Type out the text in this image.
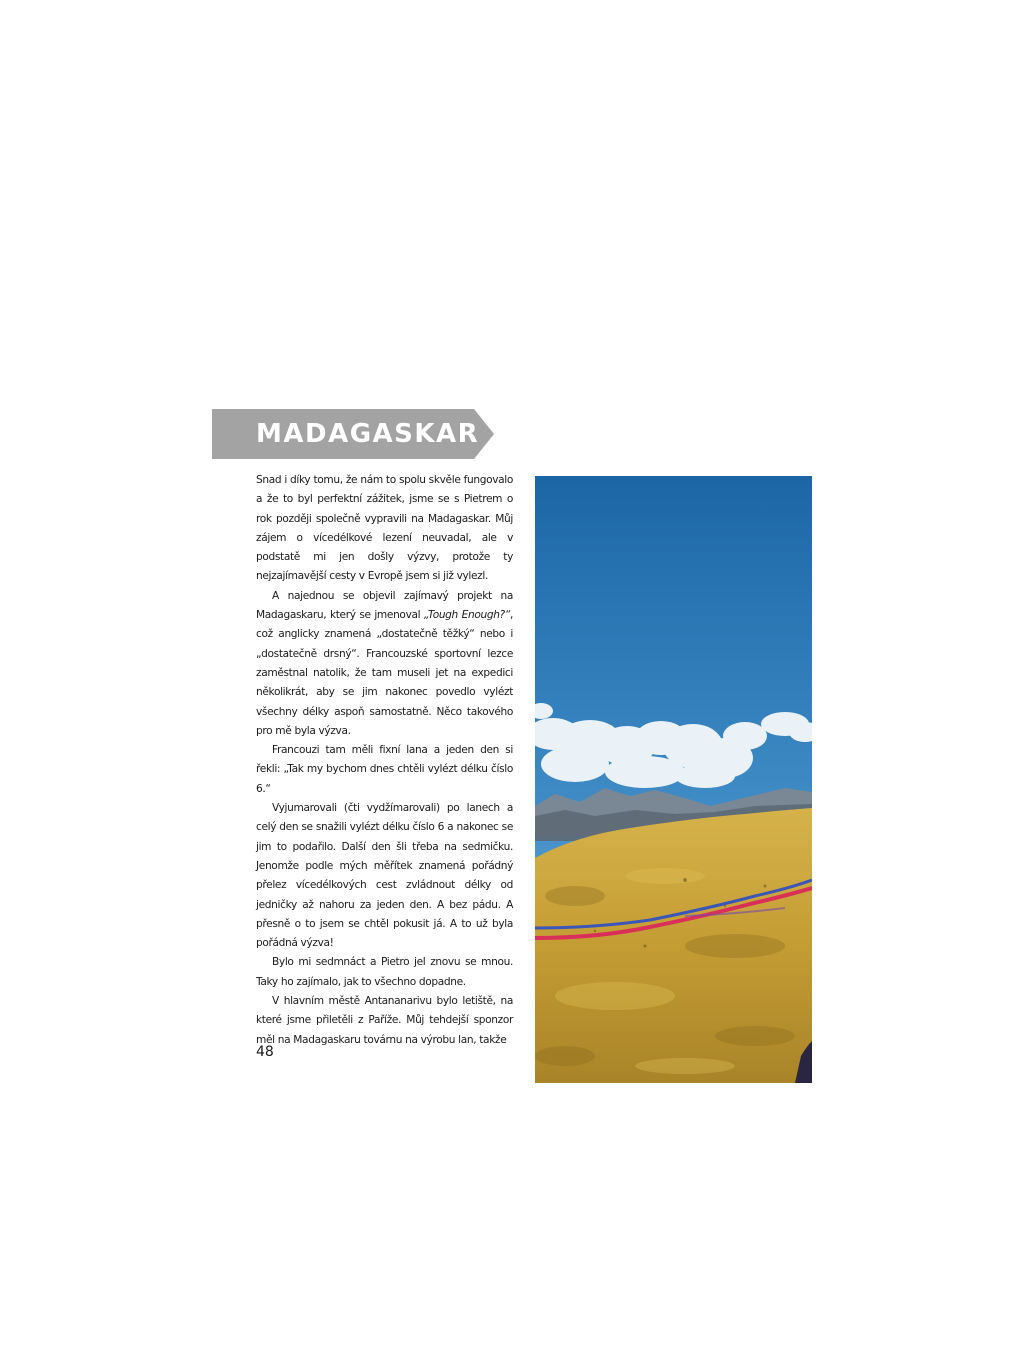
MADAGASKAR

Snad i díky tomu, že nám to spolu skvěle fungovalo a že to byl perfektní zážitek, jsme se s Pietrem o rok později společně vypravili na Madagaskar. Můj zájem o vícedélkové lezení neuvadal, ale v podstatě mi jen došly výzvy, protože ty nejzajímavější cesty v Evropě jsem si již vylezl.

A najednou se objevil zajímavý projekt na Madagaskaru, který se jmenoval „Tough Enough?“, což anglicky znamená „dostatečně těžký“ nebo i „dostatečně drsný“. Francouzské sportovní lezce zaměstnal natolik, že tam museli jet na expedici několikrát, aby se jim nakonec povedlo vylézt všechny délky aspoň samostatně. Něco takového pro mě byla výzva.

Francouzi tam měli fixní lana a jeden den si řekli: „Tak my bychom dnes chtěli vylézt délku číslo 6.“

Vyjumarovali (čti vydžímarovali) po lanech a celý den se snažili vylézt délku číslo 6 a nakonec se jim to podařilo. Další den šli třeba na sedmičku. Jenomže podle mých měřítek znamená pořádný přelez vícedélkových cest zvládnout délky od jedničky až nahoru za jeden den. A bez pádu. A přesně o to jsem se chtěl pokusit já. A to už byla pořádná výzva!

Bylo mi sedmnáct a Pietro jel znovu se mnou. Taky ho zajímalo, jak to všechno dopadne.

V hlavním městě Antananarivu bylo letiště, na které jsme přiletěli z Paříže. Můj tehdejší sponzor měl na Madagaskaru továrnu na výrobu lan, takže

48
